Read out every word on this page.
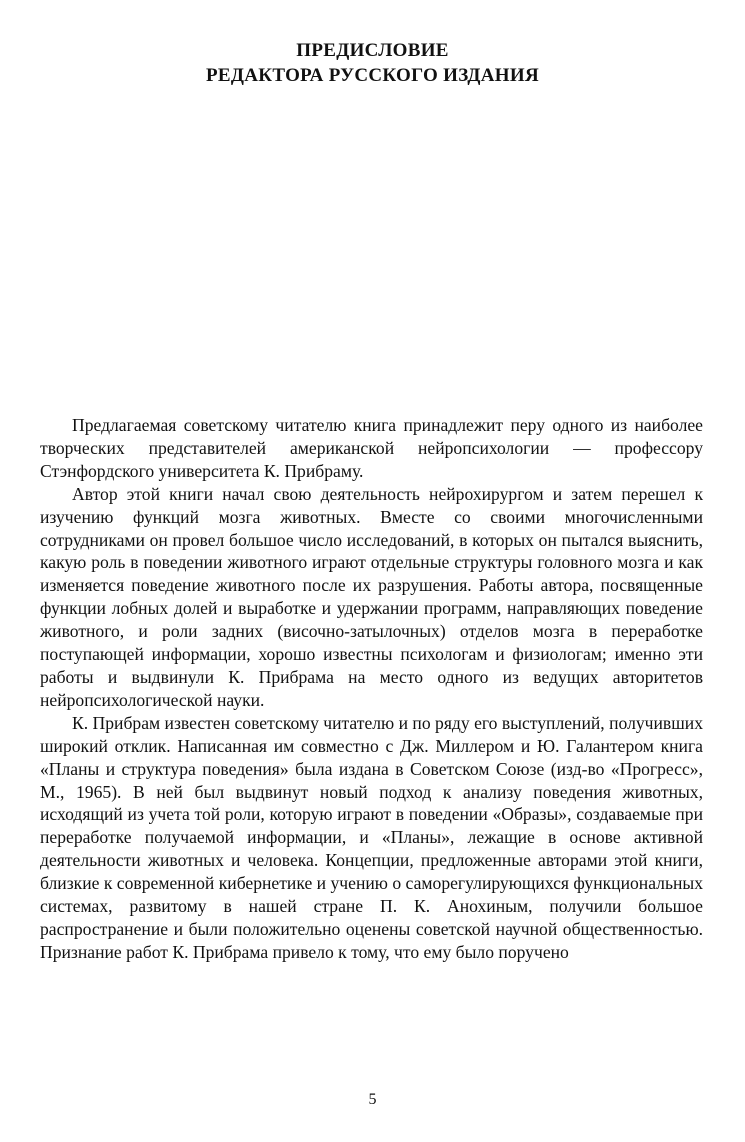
ПРЕДИСЛОВИЕ
РЕДАКТОРА РУССКОГО ИЗДАНИЯ

Предлагаемая советскому читателю книга принадлежит перу одного из наиболее творческих представителей американской нейропсихологии — профессору Стэнфордского университета К. Прибраму.

Автор этой книги начал свою деятельность нейрохирургом и затем перешел к изучению функций мозга животных. Вместе со своими многочисленными сотрудниками он провел большое число исследований, в которых он пытался выяснить, какую роль в поведении животного играют отдельные структуры головного мозга и как изменяется поведение животного после их разрушения. Работы автора, посвященные функции лобных долей и выработке и удержании программ, направляющих поведение животного, и роли задних (височно-затылочных) отделов мозга в переработке поступающей информации, хорошо известны психологам и физиологам; именно эти работы и выдвинули К. Прибрама на место одного из ведущих авторитетов нейропсихологической науки.

К. Прибрам известен советскому читателю и по ряду его выступлений, получивших широкий отклик. Написанная им совместно с Дж. Миллером и Ю. Галантером книга «Планы и структура поведения» была издана в Советском Союзе (изд-во «Прогресс», М., 1965). В ней был выдвинут новый подход к анализу поведения животных, исходящий из учета той роли, которую играют в поведении «Образы», создаваемые при переработке получаемой информации, и «Планы», лежащие в основе активной деятельности животных и человека. Концепции, предложенные авторами этой книги, близкие к современной кибернетике и учению о саморегулирующихся функциональных системах, развитому в нашей стране П. К. Анохиным, получили большое распространение и были положительно оценены советской научной общественностью. Признание работ К. Прибрама привело к тому, что ему было поручено

5
